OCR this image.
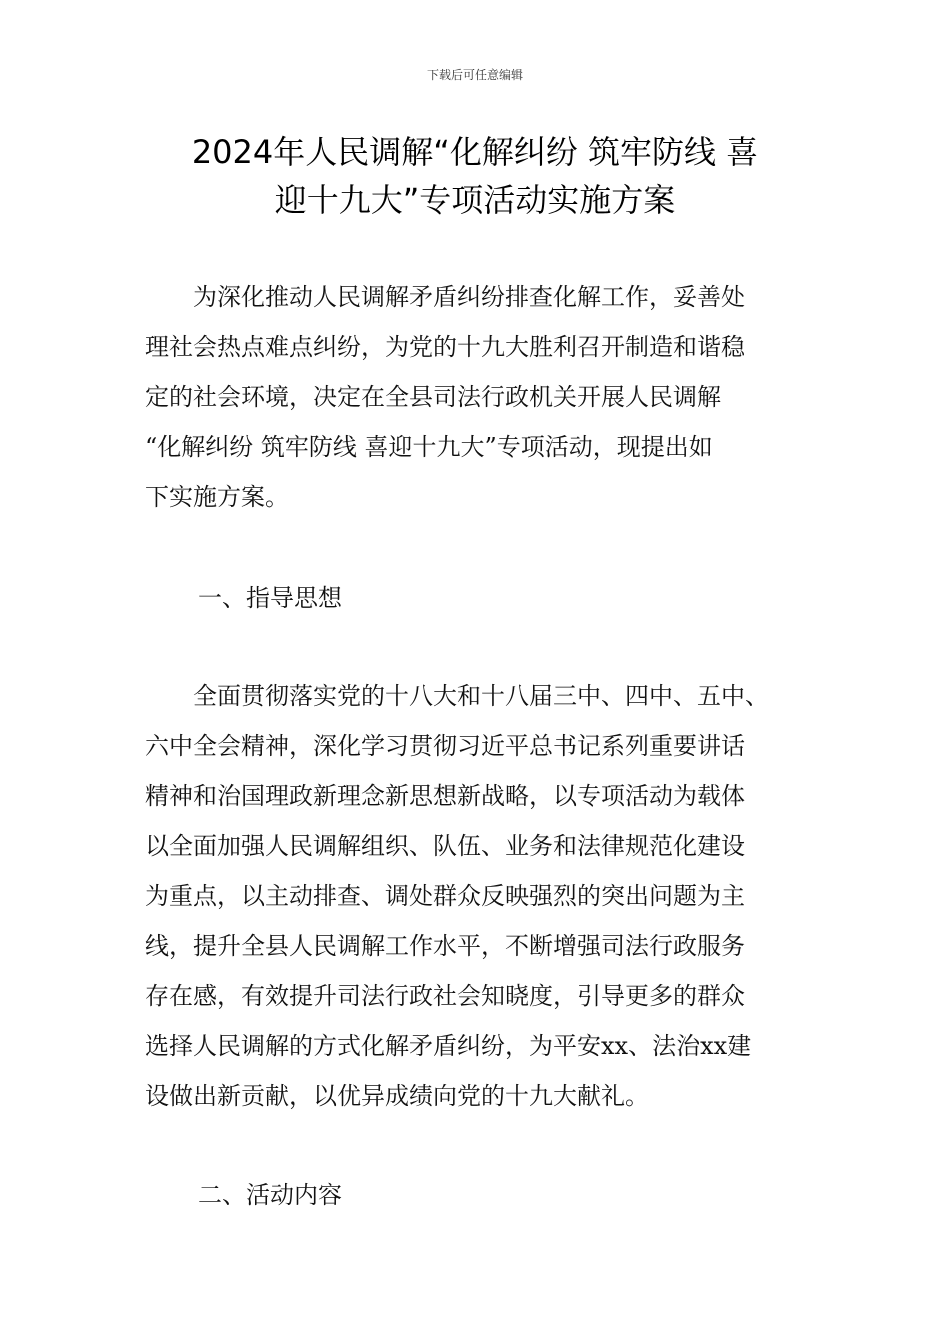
下载后可任意编辑
2024年人民调解“化解纠纷 筑牢防线 喜
迎十九大”专项活动实施方案
　　为深化推动人民调解矛盾纠纷排查化解工作，妥善处
理社会热点难点纠纷，为党的十九大胜利召开制造和谐稳
定的社会环境，决定在全县司法行政机关开展人民调解
“化解纠纷 筑牢防线 喜迎十九大”专项活动，现提出如
下实施方案。
一、指导思想
　　全面贯彻落实党的十八大和十八届三中、四中、五中、
六中全会精神，深化学习贯彻习近平总书记系列重要讲话
精神和治国理政新理念新思想新战略，以专项活动为载体
以全面加强人民调解组织、队伍、业务和法律规范化建设
为重点，以主动排查、调处群众反映强烈的突出问题为主
线，提升全县人民调解工作水平，不断增强司法行政服务
存在感，有效提升司法行政社会知晓度，引导更多的群众
选择人民调解的方式化解矛盾纠纷，为平安xx、法治xx建
设做出新贡献，以优异成绩向党的十九大献礼。
二、活动内容
